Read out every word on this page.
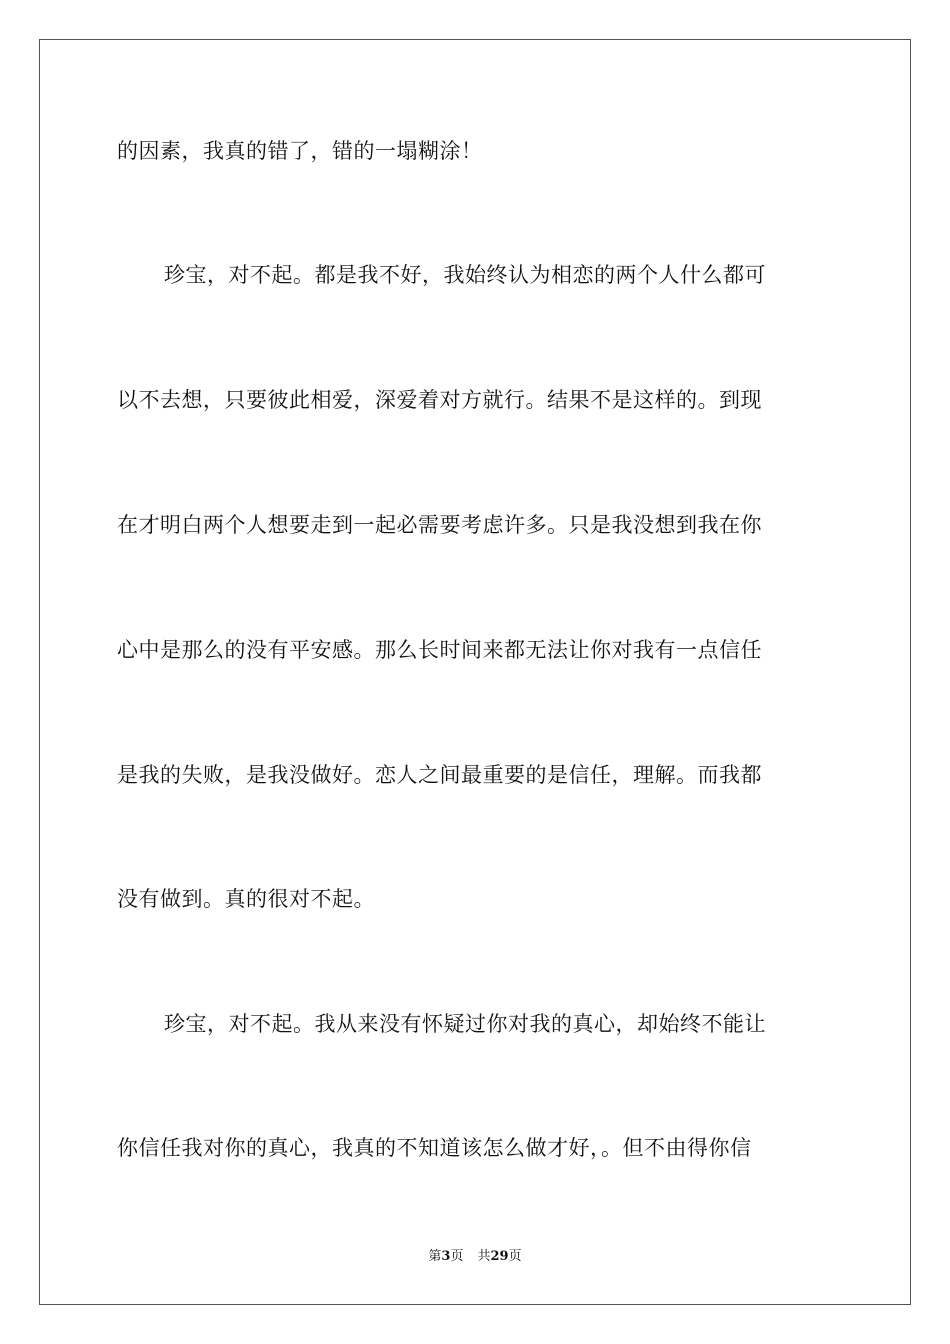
的因素，我真的错了，错的一塌糊涂！
珍宝，对不起。都是我不好，我始终认为相恋的两个人什么都可
以不去想，只要彼此相爱，深爱着对方就行。结果不是这样的。到现
在才明白两个人想要走到一起必需要考虑许多。只是我没想到我在你
心中是那么的没有平安感。那么长时间来都无法让你对我有一点信任
是我的失败，是我没做好。恋人之间最重要的是信任，理解。而我都
没有做到。真的很对不起。
珍宝，对不起。我从来没有怀疑过你对我的真心，却始终不能让
你信任我对你的真心，我真的不知道该怎么做才好，。但不由得你信
第3页 共29页
